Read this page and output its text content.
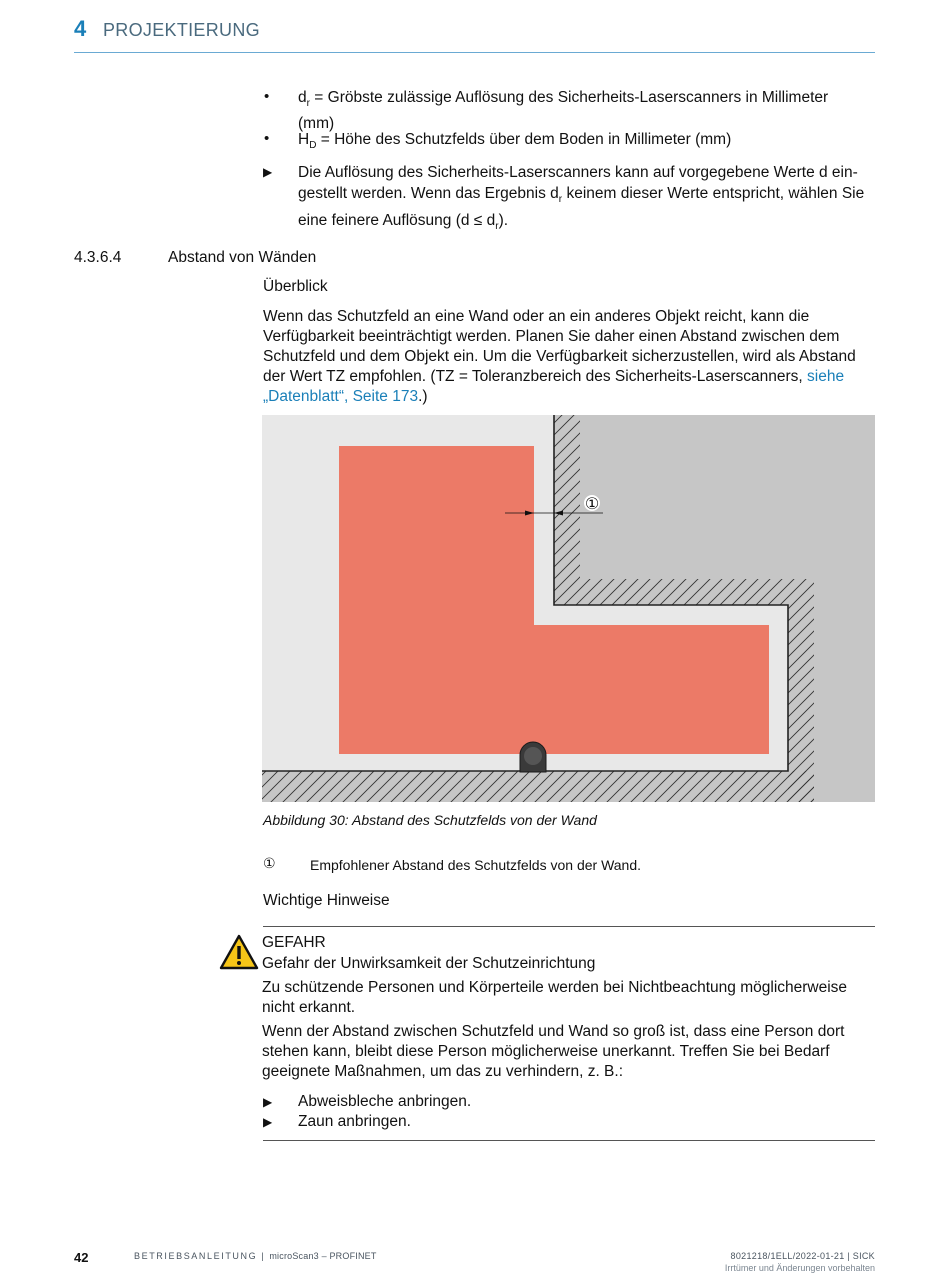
4 PROJEKTIERUNG
• $d_r$ = Gröbste zulässige Auflösung des Sicherheits-Laserscanners in Millimeter
(mm)
• $H_D$ = Höhe des Schutzfelds über dem Boden in Millimeter (mm)
▶ Die Auflösung des Sicherheits-Laserscanners kann auf vorgegebene Werte d ein-
gestellt werden. Wenn das Ergebnis $d_r$ keinem dieser Werte entspricht, wählen Sie
eine feinere Auflösung $(d \le d_r)$.
4.3.6.4	Abstand von Wänden
Überblick
Wenn das Schutzfeld an eine Wand oder an ein anderes Objekt reicht, kann die
Verfügbarkeit beeinträchtigt werden. Planen Sie daher einen Abstand zwischen dem
Schutzfeld und dem Objekt ein. Um die Verfügbarkeit sicherzustellen, wird als Abstand
der Wert TZ empfohlen. (TZ = Toleranzbereich des Sicherheits-Laserscanners, siehe
„Datenblatt“, Seite 173.)
①
Abbildung 30: Abstand des Schutzfelds von der Wand
① Empfohlener Abstand des Schutzfelds von der Wand.
Wichtige Hinweise
GEFAHR
Gefahr der Unwirksamkeit der Schutzeinrichtung
Zu schützende Personen und Körperteile werden bei Nichtbeachtung möglicherweise
nicht erkannt.
Wenn der Abstand zwischen Schutzfeld und Wand so groß ist, dass eine Person dort
stehen kann, bleibt diese Person möglicherweise unerkannt. Treffen Sie bei Bedarf
geeignete Maßnahmen, um das zu verhindern, z. B.:
▶ Abweisbleche anbringen.
▶ Zaun anbringen.
42	BETRIEBSANLEITUNG | microScan3 – PROFINET	8021218/1ELL/2022-01-21 | SICK
Irrtümer und Änderungen vorbehalten
